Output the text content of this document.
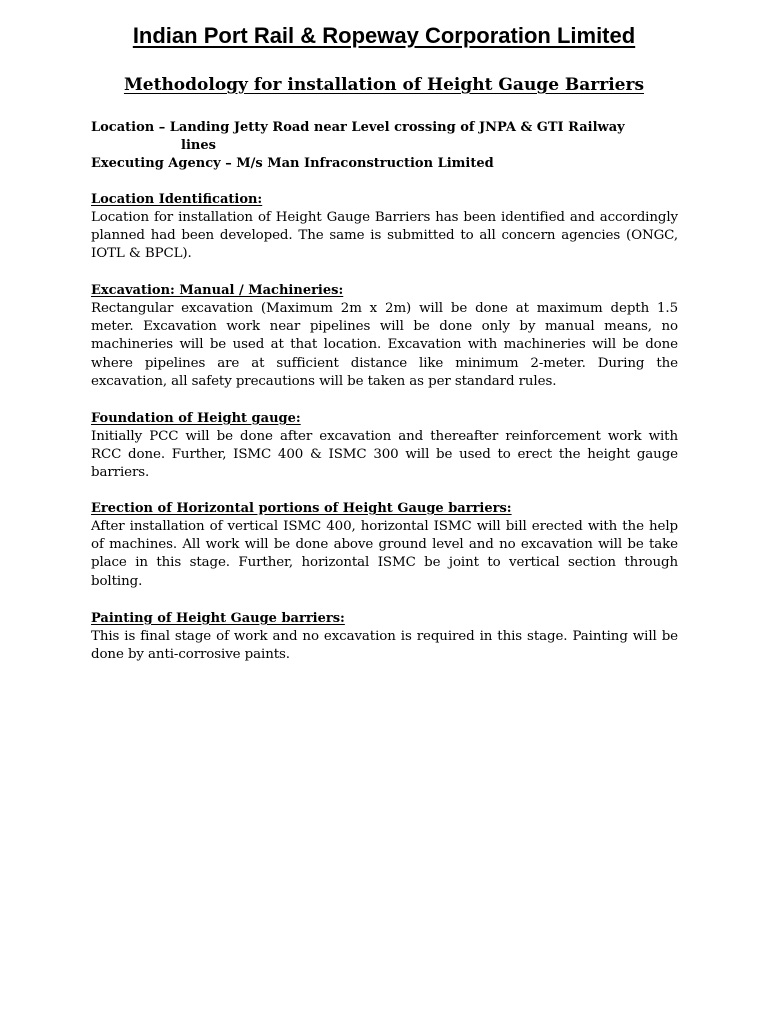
Indian Port Rail & Ropeway Corporation Limited
Methodology for installation of Height Gauge Barriers
Location – Landing Jetty Road near Level crossing of JNPA & GTI Railway
lines
Executing Agency – M/s Man Infraconstruction Limited
Location Identification:
Location for installation of Height Gauge Barriers has been identified and accordingly planned had been developed. The same is submitted to all concern agencies (ONGC, IOTL & BPCL).
Excavation: Manual / Machineries:
Rectangular excavation (Maximum 2m x 2m) will be done at maximum depth 1.5 meter. Excavation work near pipelines will be done only by manual means, no machineries will be used at that location. Excavation with machineries will be done where pipelines are at sufficient distance like minimum 2-meter. During the excavation, all safety precautions will be taken as per standard rules.
Foundation of Height gauge:
Initially PCC will be done after excavation and thereafter reinforcement work with RCC done. Further, ISMC 400 & ISMC 300 will be used to erect the height gauge barriers.
Erection of Horizontal portions of Height Gauge barriers:
After installation of vertical ISMC 400, horizontal ISMC will bill erected with the help of machines. All work will be done above ground level and no excavation will be take place in this stage. Further, horizontal ISMC be joint to vertical section through bolting.
Painting of Height Gauge barriers:
This is final stage of work and no excavation is required in this stage. Painting will be done by anti-corrosive paints.
